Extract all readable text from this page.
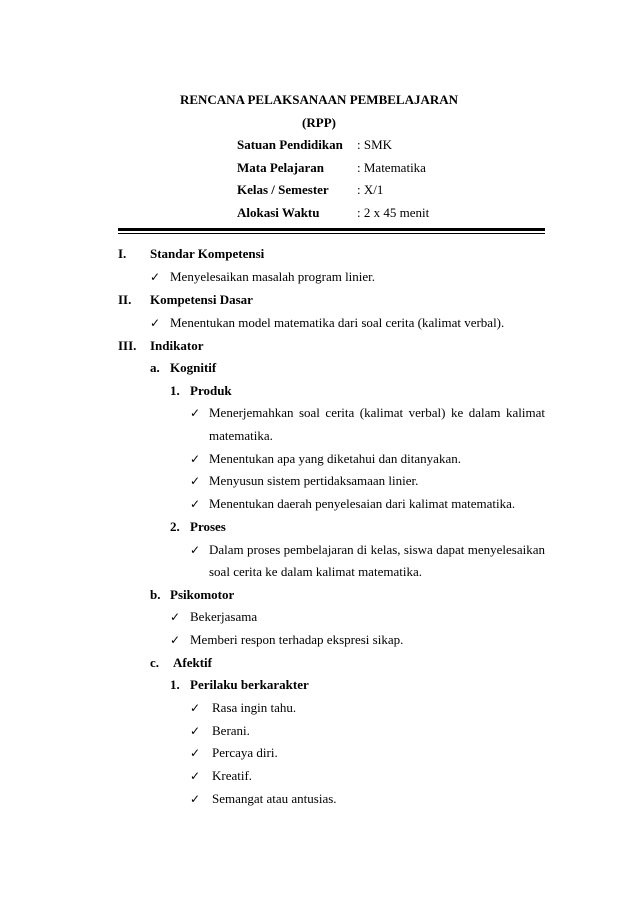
RENCANA PELAKSANAAN PEMBELAJARAN
(RPP)
Satuan Pendidikan : SMK
Mata Pelajaran	: Matematika
Kelas / Semester : X/1
Alokasi Waktu	: 2 x 45 menit
I. Standar Kompetensi
✓ Menyelesaikan masalah program linier.
II. Kompetensi Dasar
✓ Menentukan model matematika dari soal cerita (kalimat verbal).
III. Indikator
a. Kognitif
1. Produk
✓ Menerjemahkan soal cerita (kalimat verbal) ke dalam kalimat
matematika.
✓ Menentukan apa yang diketahui dan ditanyakan.
✓ Menyusun sistem pertidaksamaan linier.
✓ Menentukan daerah penyelesaian dari kalimat matematika.
2. Proses
✓ Dalam proses pembelajaran di kelas, siswa dapat menyelesaikan
soal cerita ke dalam kalimat matematika.
b. Psikomotor
✓ Bekerjasama
✓ Memberi respon terhadap ekspresi sikap.
c. Afektif
1. Perilaku berkarakter
✓ Rasa ingin tahu.
✓ Berani.
✓ Percaya diri.
✓ Kreatif.
✓ Semangat atau antusias.
